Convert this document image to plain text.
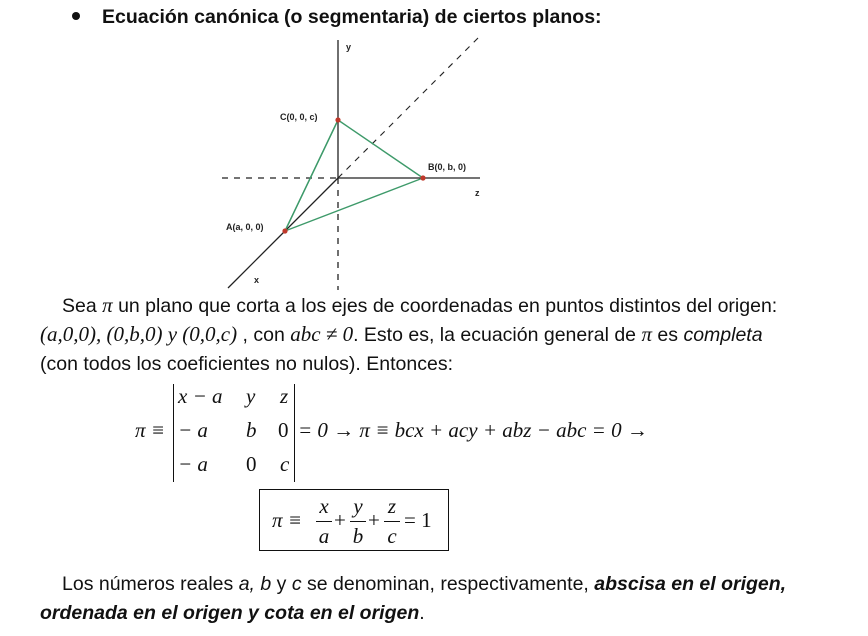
Ecuación canónica (o segmentaria) de ciertos planos:
y
z
x
C(0, 0, c)
B(0, b, 0)
A(a, 0, 0)
Sea π un plano que corta a los ejes de coordenadas en puntos distintos del origen:
(a,0,0), (0,b,0) y (0,0,c) , con abc ≠ 0. Esto es, la ecuación general de π es completa
(con todos los coeficientes no nulos). Entonces:
π ≡
x − a y z
− a b 0
− a 0 c
= 0 → π ≡ bcx + acy + abz − abc = 0 →
π ≡
x
a
+
y
b
+
z
c
= 1
Los números reales a, b y c se denominan, respectivamente, abscisa en el origen,
ordenada en el origen y cota en el origen.
